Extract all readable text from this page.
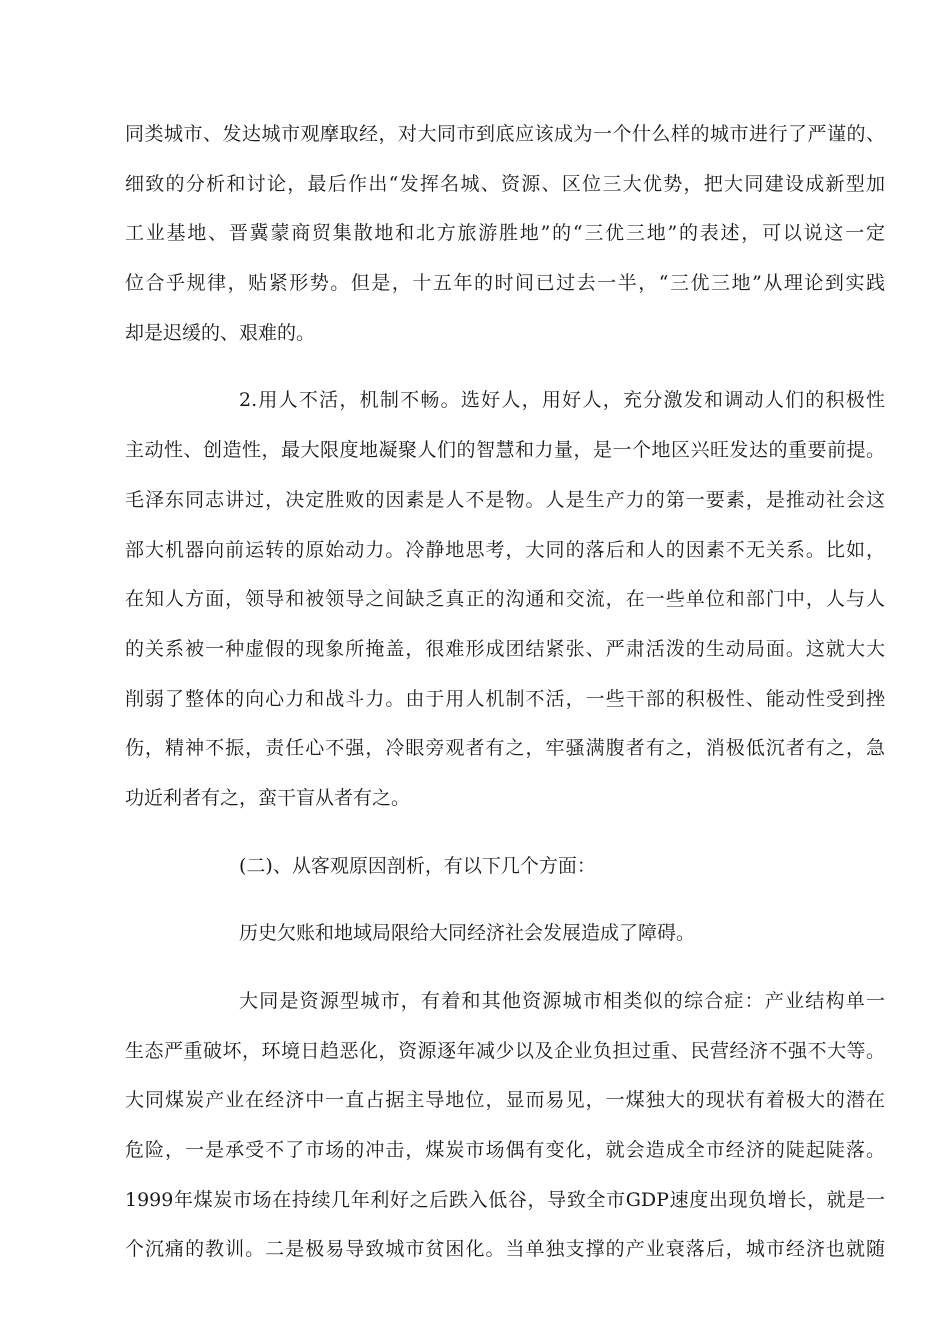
同类城市、发达城市观摩取经，对大同市到底应该成为一个什么样的城市进行了严谨的、
细致的分析和讨论，最后作出“发挥名城、资源、区位三大优势，把大同建设成新型加
工业基地、晋冀蒙商贸集散地和北方旅游胜地”的“三优三地”的表述，可以说这一定
位合乎规律，贴紧形势。但是，十五年的时间已过去一半，“三优三地”从理论到实践
却是迟缓的、艰难的。
2.用人不活，机制不畅。选好人，用好人，充分激发和调动人们的积极性
主动性、创造性，最大限度地凝聚人们的智慧和力量，是一个地区兴旺发达的重要前提。
毛泽东同志讲过，决定胜败的因素是人不是物。人是生产力的第一要素，是推动社会这
部大机器向前运转的原始动力。冷静地思考，大同的落后和人的因素不无关系。比如，
在知人方面，领导和被领导之间缺乏真正的沟通和交流，在一些单位和部门中，人与人
的关系被一种虚假的现象所掩盖，很难形成团结紧张、严肃活泼的生动局面。这就大大
削弱了整体的向心力和战斗力。由于用人机制不活，一些干部的积极性、能动性受到挫
伤，精神不振，责任心不强，冷眼旁观者有之，牢骚满腹者有之，消极低沉者有之，急
功近利者有之，蛮干盲从者有之。
(二)、从客观原因剖析，有以下几个方面：
历史欠账和地域局限给大同经济社会发展造成了障碍。
大同是资源型城市，有着和其他资源城市相类似的综合症：产业结构单一
生态严重破坏，环境日趋恶化，资源逐年减少以及企业负担过重、民营经济不强不大等。
大同煤炭产业在经济中一直占据主导地位，显而易见，一煤独大的现状有着极大的潜在
危险，一是承受不了市场的冲击，煤炭市场偶有变化，就会造成全市经济的陡起陡落。
1999年煤炭市场在持续几年利好之后跌入低谷，导致全市GDP速度出现负增长，就是一
个沉痛的教训。二是极易导致城市贫困化。当单独支撑的产业衰落后，城市经济也就随
